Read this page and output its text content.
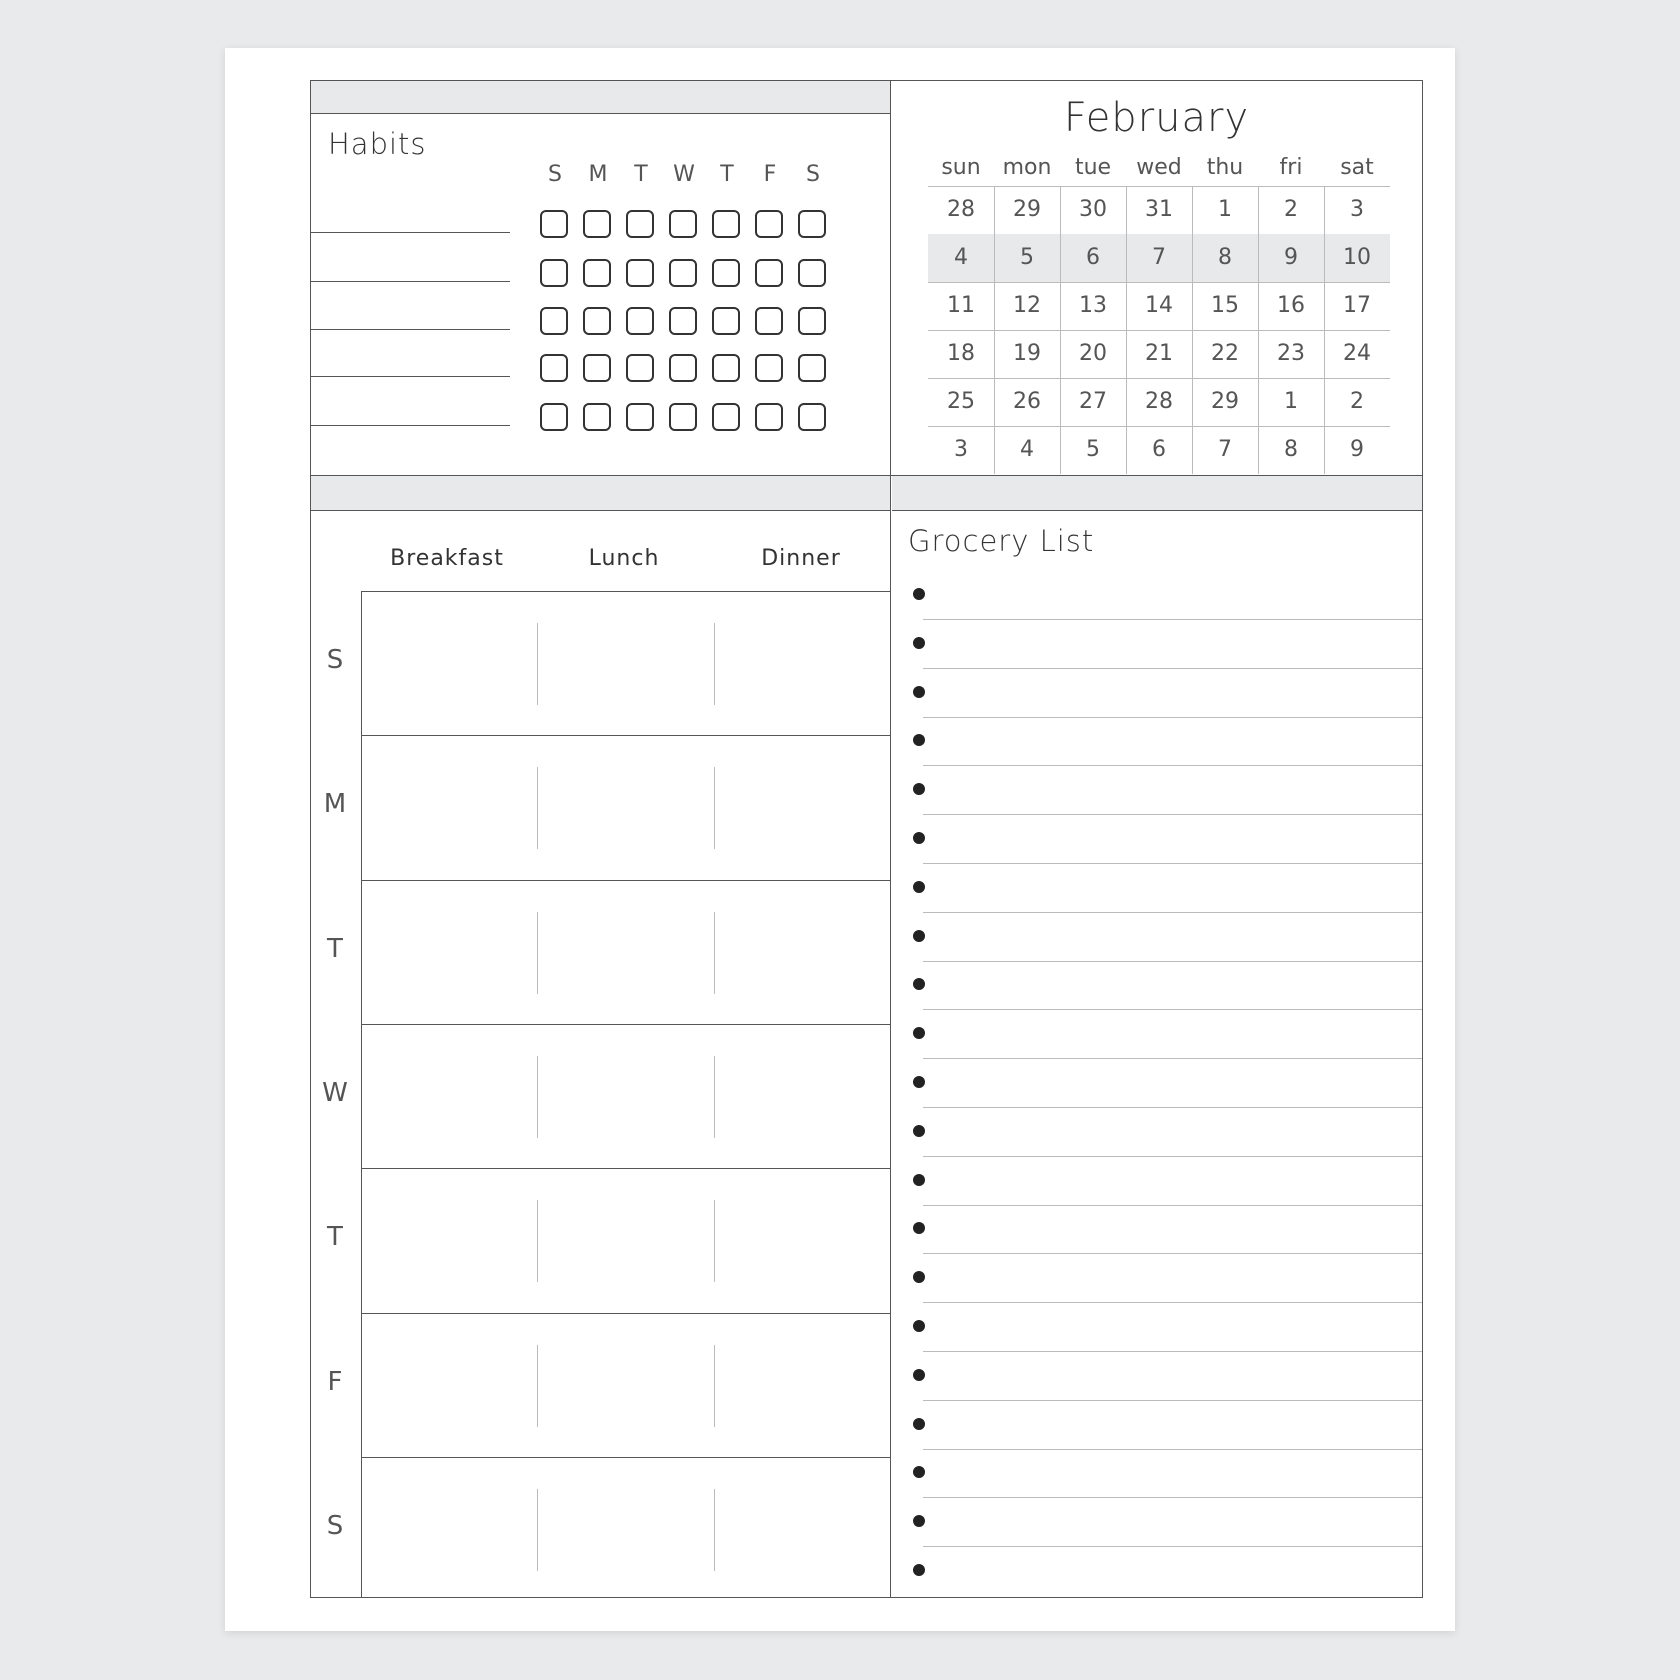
Habits
S	M	T	W	T	F	S
February
sun mon	tue	wed	thu	fri	sat
28	29	30	31	1	2	3
4	5	6	7	8	9	10
11	12	13	14	15	16	17
18	19	20	21	22	23	24
25	26	27	28	29	1	2
3	4	5	6	7	8	9
Breakfast	Lunch	Dinner
S
M
T
W
T
F
S
Grocery List
